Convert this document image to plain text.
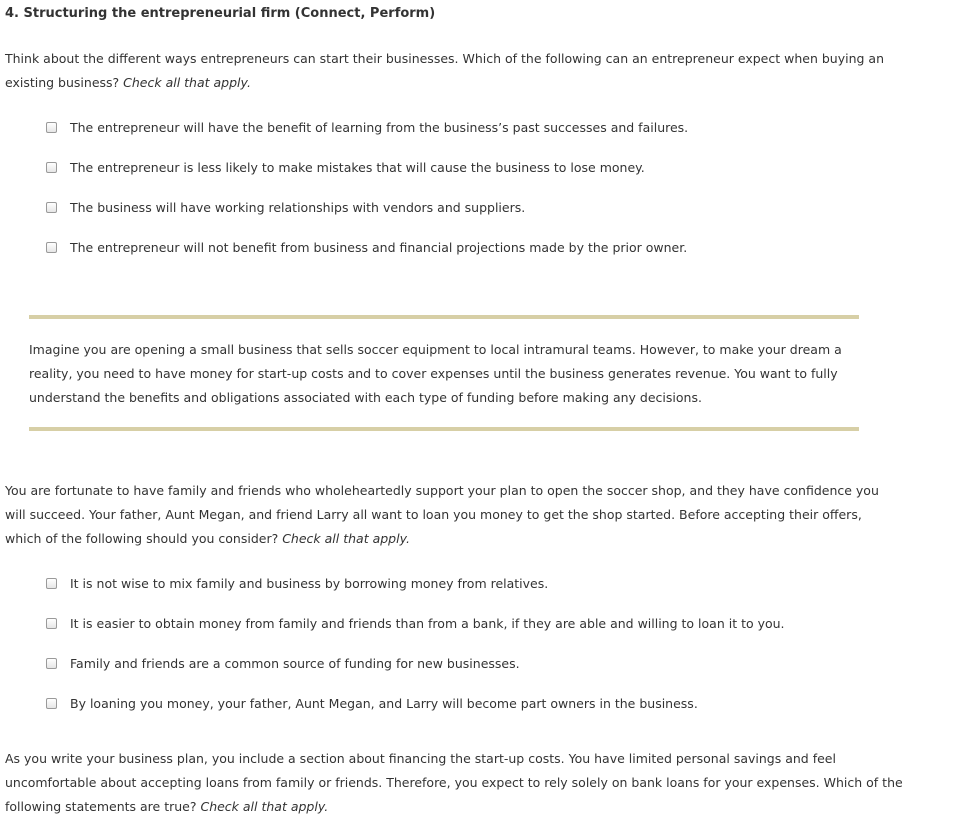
4. Structuring the entrepreneurial firm (Connect, Perform)

Think about the different ways entrepreneurs can start their businesses. Which of the following can an entrepreneur expect when buying an existing business? Check all that apply.

The entrepreneur will have the benefit of learning from the business’s past successes and failures.
The entrepreneur is less likely to make mistakes that will cause the business to lose money.
The business will have working relationships with vendors and suppliers.
The entrepreneur will not benefit from business and financial projections made by the prior owner.

Imagine you are opening a small business that sells soccer equipment to local intramural teams. However, to make your dream a reality, you need to have money for start-up costs and to cover expenses until the business generates revenue. You want to fully understand the benefits and obligations associated with each type of funding before making any decisions.

You are fortunate to have family and friends who wholeheartedly support your plan to open the soccer shop, and they have confidence you will succeed. Your father, Aunt Megan, and friend Larry all want to loan you money to get the shop started. Before accepting their offers, which of the following should you consider? Check all that apply.

It is not wise to mix family and business by borrowing money from relatives.
It is easier to obtain money from family and friends than from a bank, if they are able and willing to loan it to you.
Family and friends are a common source of funding for new businesses.
By loaning you money, your father, Aunt Megan, and Larry will become part owners in the business.

As you write your business plan, you include a section about financing the start-up costs. You have limited personal savings and feel uncomfortable about accepting loans from family or friends. Therefore, you expect to rely solely on bank loans for your expenses. Which of the following statements are true? Check all that apply.
